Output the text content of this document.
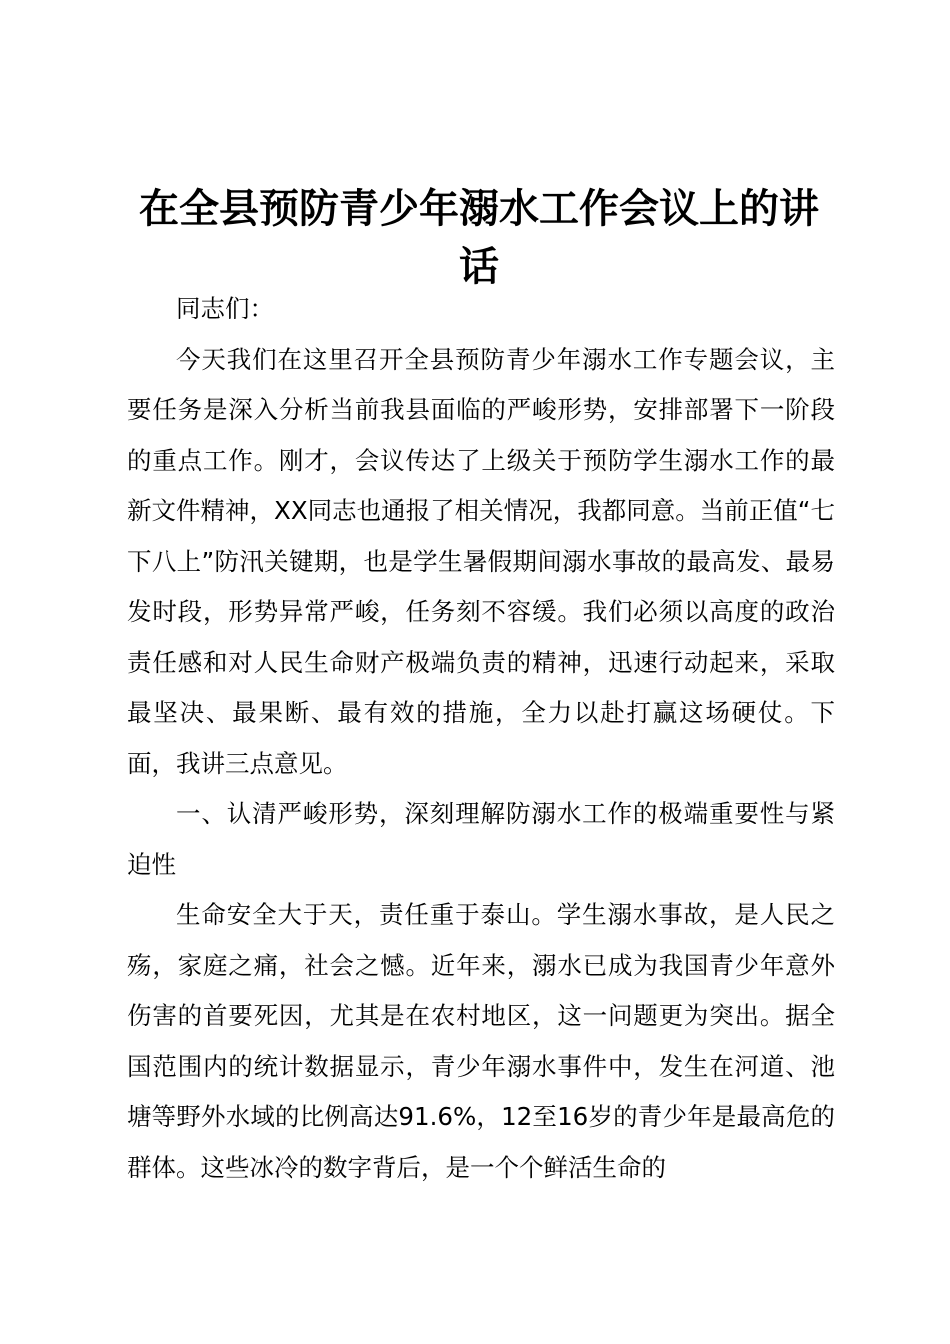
在全县预防青少年溺水工作会议上的讲话

同志们：

今天我们在这里召开全县预防青少年溺水工作专题会议，主要任务是深入分析当前我县面临的严峻形势，安排部署下一阶段的重点工作。刚才，会议传达了上级关于预防学生溺水工作的最新文件精神，XX同志也通报了相关情况，我都同意。当前正值“七下八上”防汛关键期，也是学生暑假期间溺水事故的最高发、最易发时段，形势异常严峻，任务刻不容缓。我们必须以高度的政治责任感和对人民生命财产极端负责的精神，迅速行动起来，采取最坚决、最果断、最有效的措施，全力以赴打赢这场硬仗。下面，我讲三点意见。

一、认清严峻形势，深刻理解防溺水工作的极端重要性与紧迫性

生命安全大于天，责任重于泰山。学生溺水事故，是人民之殇，家庭之痛，社会之憾。近年来，溺水已成为我国青少年意外伤害的首要死因，尤其是在农村地区，这一问题更为突出。据全国范围内的统计数据显示，青少年溺水事件中，发生在河道、池塘等野外水域的比例高达91.6%，12至16岁的青少年是最高危的群体。这些冰冷的数字背后，是一个个鲜活生命的
